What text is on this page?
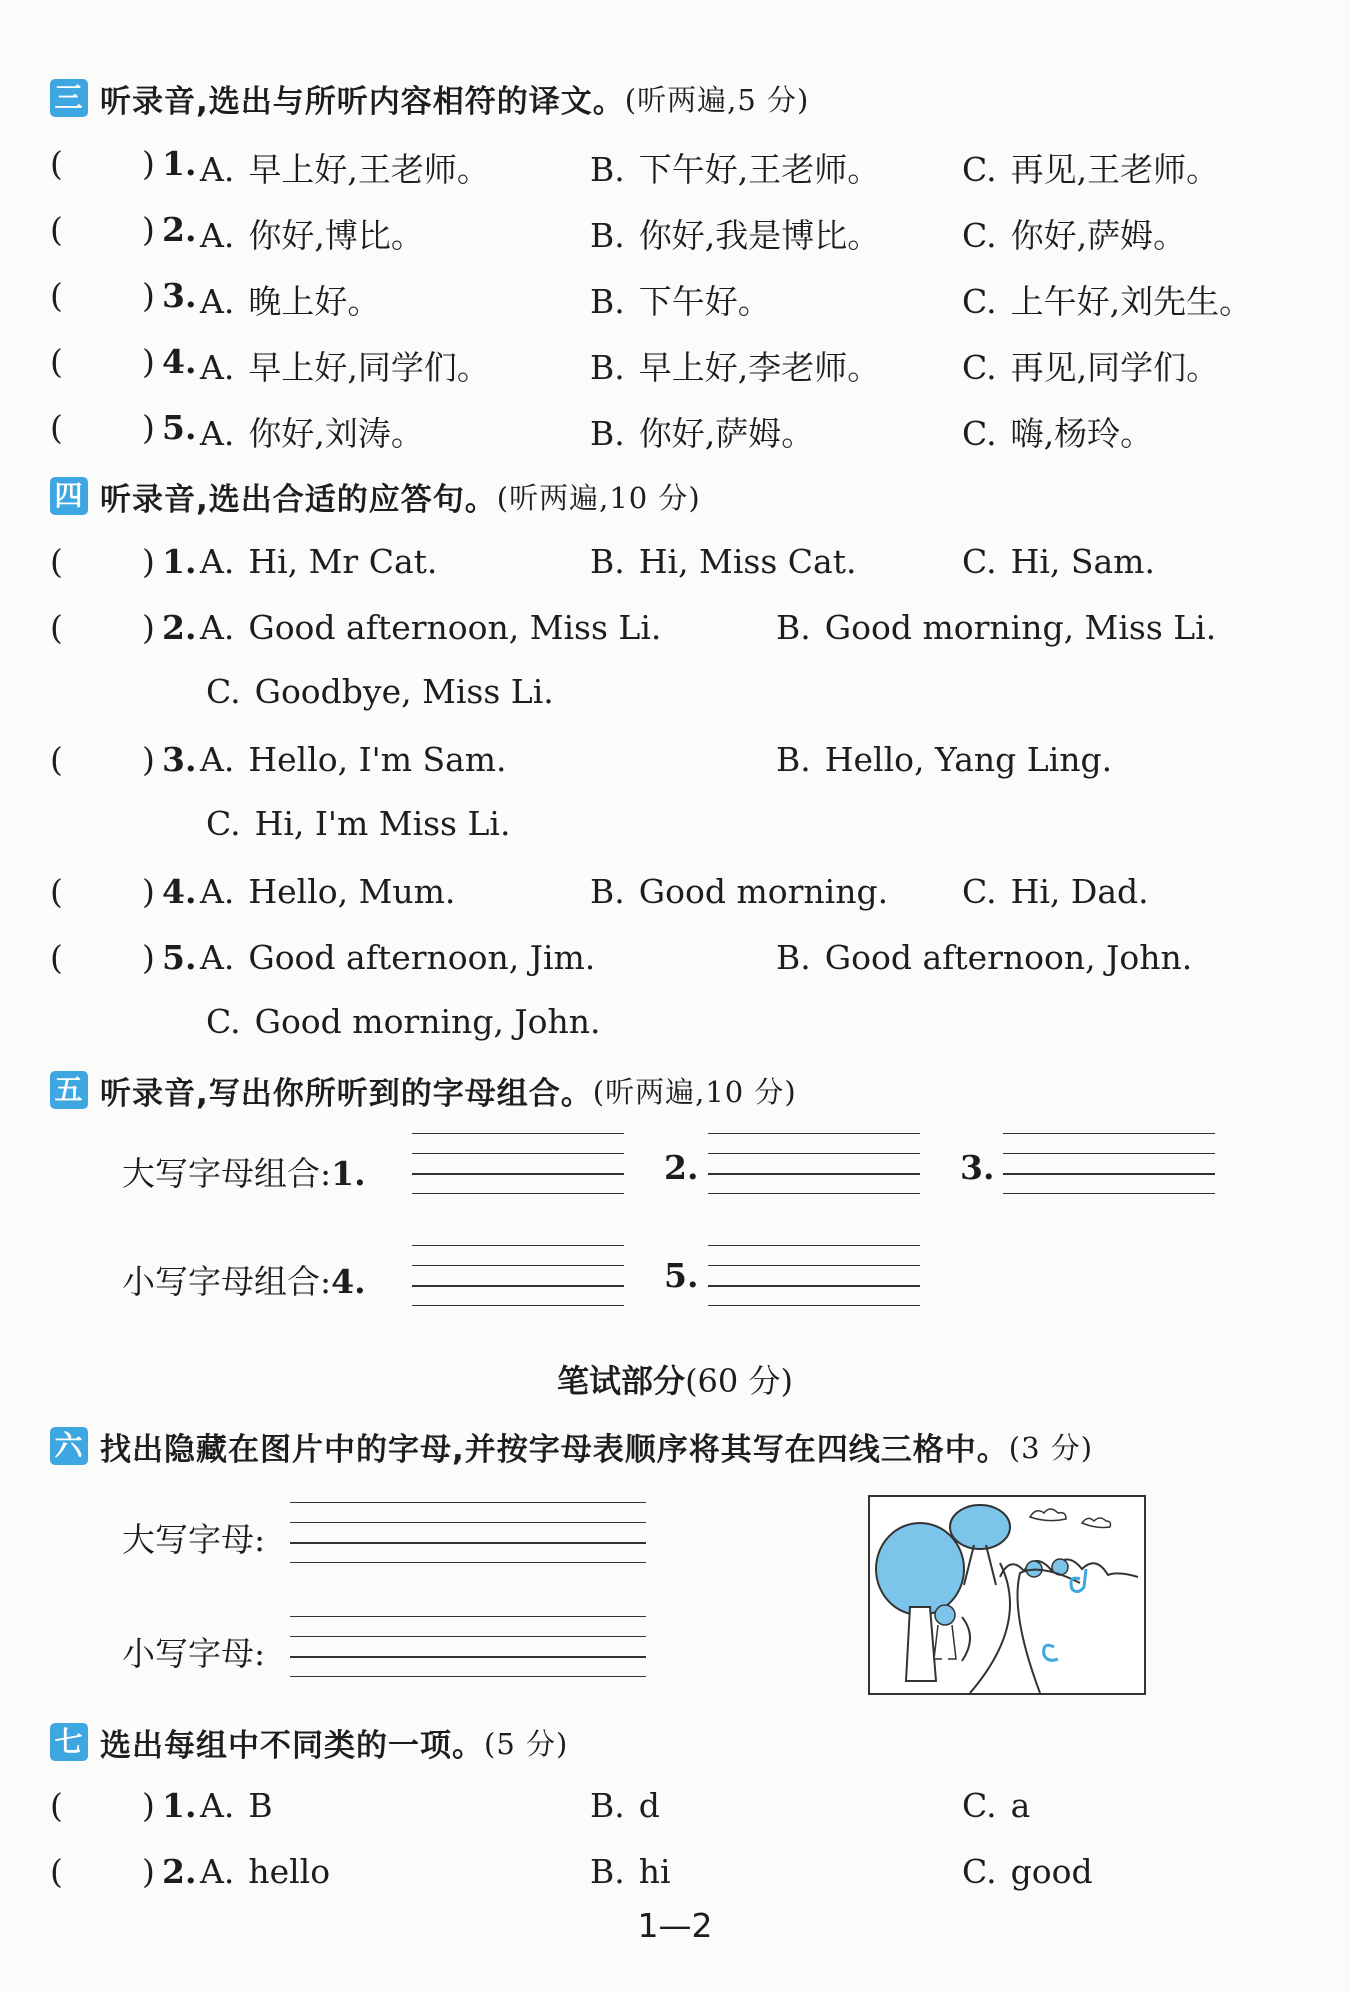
三 听录音,选出与所听内容相符的译文。 (听两遍,5 分)
( ) 1. A. 早上好,王老师。	B. 下午好,王老师。 C. 再见,王老师。
( ) 2. A. 你好,博比。	B. 你好,我是博比。 C. 你好,萨姆。
( ) 3. A. 晚上好。	B. 下午好。	C. 上午好,刘先生。
( ) 4. A. 早上好,同学们。	B. 早上好,李老师。 C. 再见,同学们。
( ) 5. A. 你好,刘涛。	B. 你好,萨姆。	C. 嗨,杨玲。
四 听录音,选出合适的应答句。 (听两遍,10 分)
( ) 1. A. Hi, Mr Cat.	B. Hi, Miss Cat.	C. Hi, Sam.
( ) 2. A. Good afternoon, Miss Li.	B. Good morning, Miss Li.
C. Goodbye, Miss Li.
( ) 3. A. Hello, I'm Sam.	B. Hello, Yang Ling.
C. Hi, I'm Miss Li.
( ) 4. A. Hello, Mum.	B. Good morning. C. Hi, Dad.
( ) 5. A. Good afternoon, Jim.	B. Good afternoon, John.
C. Good morning, John.
五 听录音,写出你所听到的字母组合。 (听两遍,10 分)
大写字母组合:1.	2.	3.
小写字母组合:4.	5.
笔试部分(60 分)
六 找出隐藏在图片中的字母,并按字母表顺序将其写在四线三格中。 (3 分)
大写字母:
小写字母:
七 选出每组中不同类的一项。 (5 分)
( ) 1. A. B	B. d	C. a
( ) 2. A. hello	B. hi	C. good
1—2
